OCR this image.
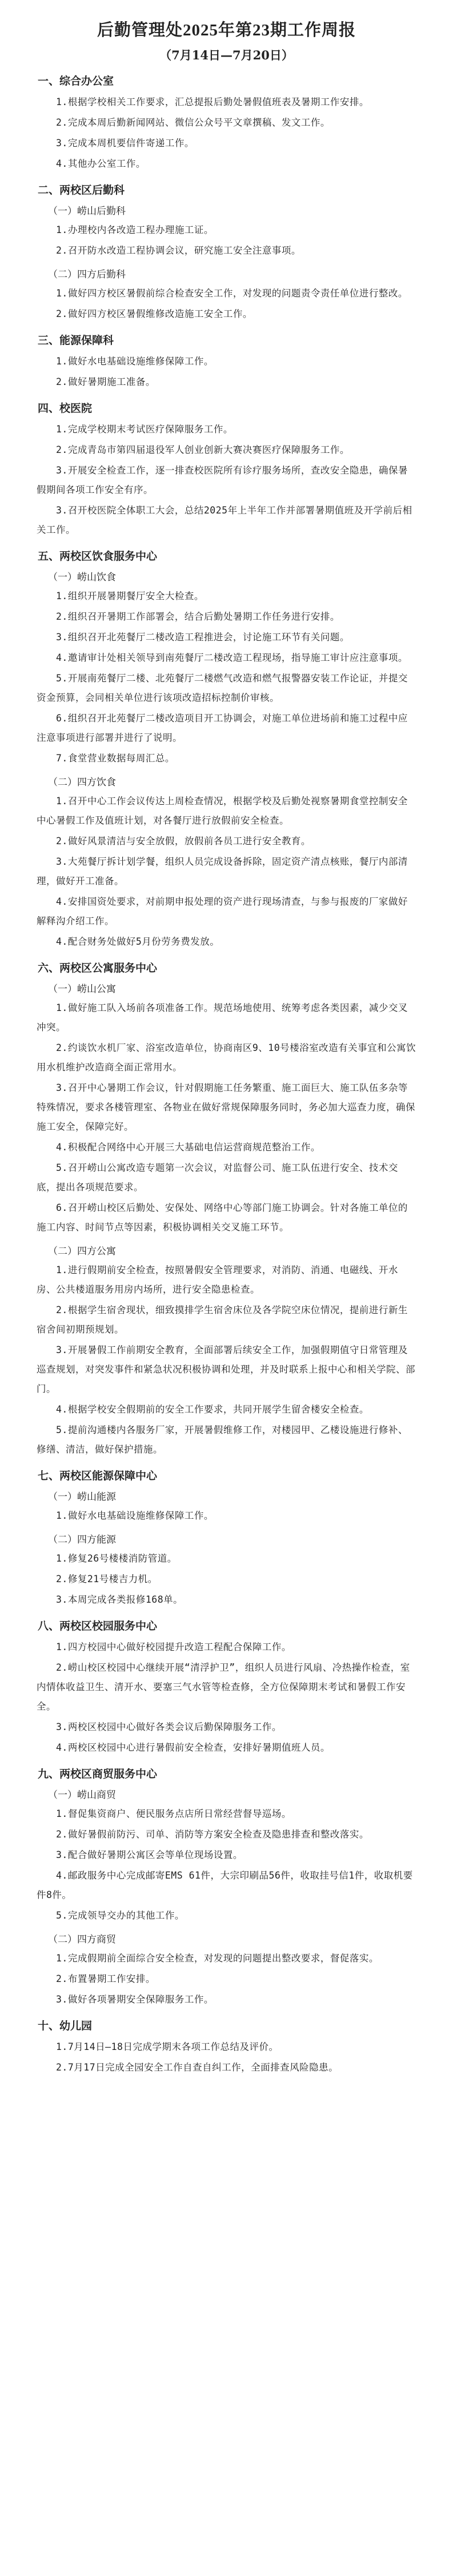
后勤管理处2025年第23期工作周报
（7月14日—7月20日）
一、综合办公室
1.根据学校相关工作要求，汇总提报后勤处暑假值班表及暑期工作安排。
2.完成本周后勤新闻网站、微信公众号平文章撰稿、发文工作。
3.完成本周机要信件寄递工作。
4.其他办公室工作。
二、两校区后勤科
（一）崂山后勤科
1.办理校内各改造工程办理施工证。
2.召开防水改造工程协调会议，研究施工安全注意事项。
（二）四方后勤科
1.做好四方校区暑假前综合检查安全工作，对发现的问题责令责任单位进行整改。
2.做好四方校区暑假维修改造施工安全工作。
三、能源保障科
1.做好水电基础设施维修保障工作。
2.做好暑期施工准备。
四、校医院
1.完成学校期末考试医疗保障服务工作。
2.完成青岛市第四届退役军人创业创新大赛决赛医疗保障服务工作。
3.开展安全检查工作，逐一排查校医院所有诊疗服务场所，查改安全隐患，确保暑假期间各项工作安全有序。
3.召开校医院全体职工大会，总结2025年上半年工作并部署暑期值班及开学前后相关工作。
五、两校区饮食服务中心
（一）崂山饮食
1.组织开展暑期餐厅安全大检查。
2.组织召开暑期工作部署会，结合后勤处暑期工作任务进行安排。
3.组织召开北苑餐厅二楼改造工程推进会，讨论施工环节有关问题。
4.邀请审计处相关领导到南苑餐厅二楼改造工程现场，指导施工审计应注意事项。
5.开展南苑餐厅二楼、北苑餐厅二楼燃气改造和燃气报警器安装工作论证，并提交资金预算，会同相关单位进行该项改造招标控制价审核。
6.组织召开北苑餐厅二楼改造项目开工协调会，对施工单位进场前和施工过程中应注意事项进行部署并进行了说明。
7.食堂营业数据每周汇总。
（二）四方饮食
1.召开中心工作会议传达上周检查情况，根据学校及后勤处视察暑期食堂控制安全中心暑假工作及值班计划，对各餐厅进行放假前安全检查。
2.做好风景清洁与安全放假，放假前各员工进行安全教育。
3.大苑餐厅拆计划学餐，组织人员完成设备拆除，固定资产清点核账，餐厅内部清理，做好开工准备。
4.安排国资处要求，对前期申报处理的资产进行现场清查，与参与报废的厂家做好解释沟介绍工作。
4.配合财务处做好5月份劳务费发放。
六、两校区公寓服务中心
（一）崂山公寓
1.做好施工队入场前各项准备工作。规范场地使用、统筹考虑各类因素，减少交叉冲突。
2.约谈饮水机厂家、浴室改造单位，协商南区9、10号楼浴室改造有关事宜和公寓饮用水机维护改造商全面正常用水。
3.召开中心暑期工作会议，针对假期施工任务繁重、施工面巨大、施工队伍多杂等特殊情况，要求各楼管理室、各物业在做好常规保障服务同时，务必加大巡查力度，确保施工安全，保障完好。
4.积极配合网络中心开展三大基础电信运营商规范整治工作。
5.召开崂山公寓改造专题第一次会议，对监督公司、施工队伍进行安全、技术交底，提出各项规范要求。
6.召开崂山校区后勤处、安保处、网络中心等部门施工协调会。针对各施工单位的施工内容、时间节点等因素，积极协调相关交叉施工环节。
（二）四方公寓
1.进行假期前安全检查，按照暑假安全管理要求，对消防、消通、电磁线、开水房、公共楼道服务用房内场所，进行安全隐患检查。
2.根据学生宿舍现状，细致摸排学生宿舍床位及各学院空床位情况，提前进行新生宿舍间初期预规划。
3.开展暑假工作前期安全教育，全面部署后续安全工作，加强假期值守日常管理及巡查规划，对突发事件和紧急状况积极协调和处理，并及时联系上报中心和相关学院、部门。
4.根据学校安全假期前的安全工作要求，共同开展学生留舍楼安全检查。
5.提前沟通楼内各服务厂家，开展暑假维修工作，对楼园甲、乙楼设施进行修补、修缮、清洁，做好保护措施。
七、两校区能源保障中心
（一）崂山能源
1.做好水电基础设施维修保障工作。
（二）四方能源
1.修复26号楼楼消防管道。
2.修复21号楼吉力机。
3.本周完成各类报修168单。
八、两校区校园服务中心
1.四方校园中心做好校园提升改造工程配合保障工作。
2.崂山校区校园中心继续开展“清浮护卫”，组织人员进行风扇、冷热操作检查，室内情体收益卫生、清开水、要塞三气水管等检查修，全方位保障期末考试和暑假工作安全。
3.两校区校园中心做好各类会议后勤保障服务工作。
4.两校区校园中心进行暑假前安全检查，安排好暑期值班人员。
九、两校区商贸服务中心
（一）崂山商贸
1.督促集资商户、便民服务点店所日常经营督导巡场。
2.做好暑假前防污、司单、消防等方案安全检查及隐患排查和整改落实。
3.配合做好暑期公寓区会等单位现场设置。
4.邮政服务中心完成邮寄EMS 61件，大宗印刷品56件，收取挂号信1件，收取机要件8件。
5.完成领导交办的其他工作。
（二）四方商贸
1.完成假期前全面综合安全检查，对发现的问题提出整改要求，督促落实。
2.布置暑期工作安排。
3.做好各项暑期安全保障服务工作。
十、幼儿园
1.7月14日—18日完成学期末各项工作总结及评价。
2.7月17日完成全园安全工作自查自纠工作，全面排查风险隐患。
